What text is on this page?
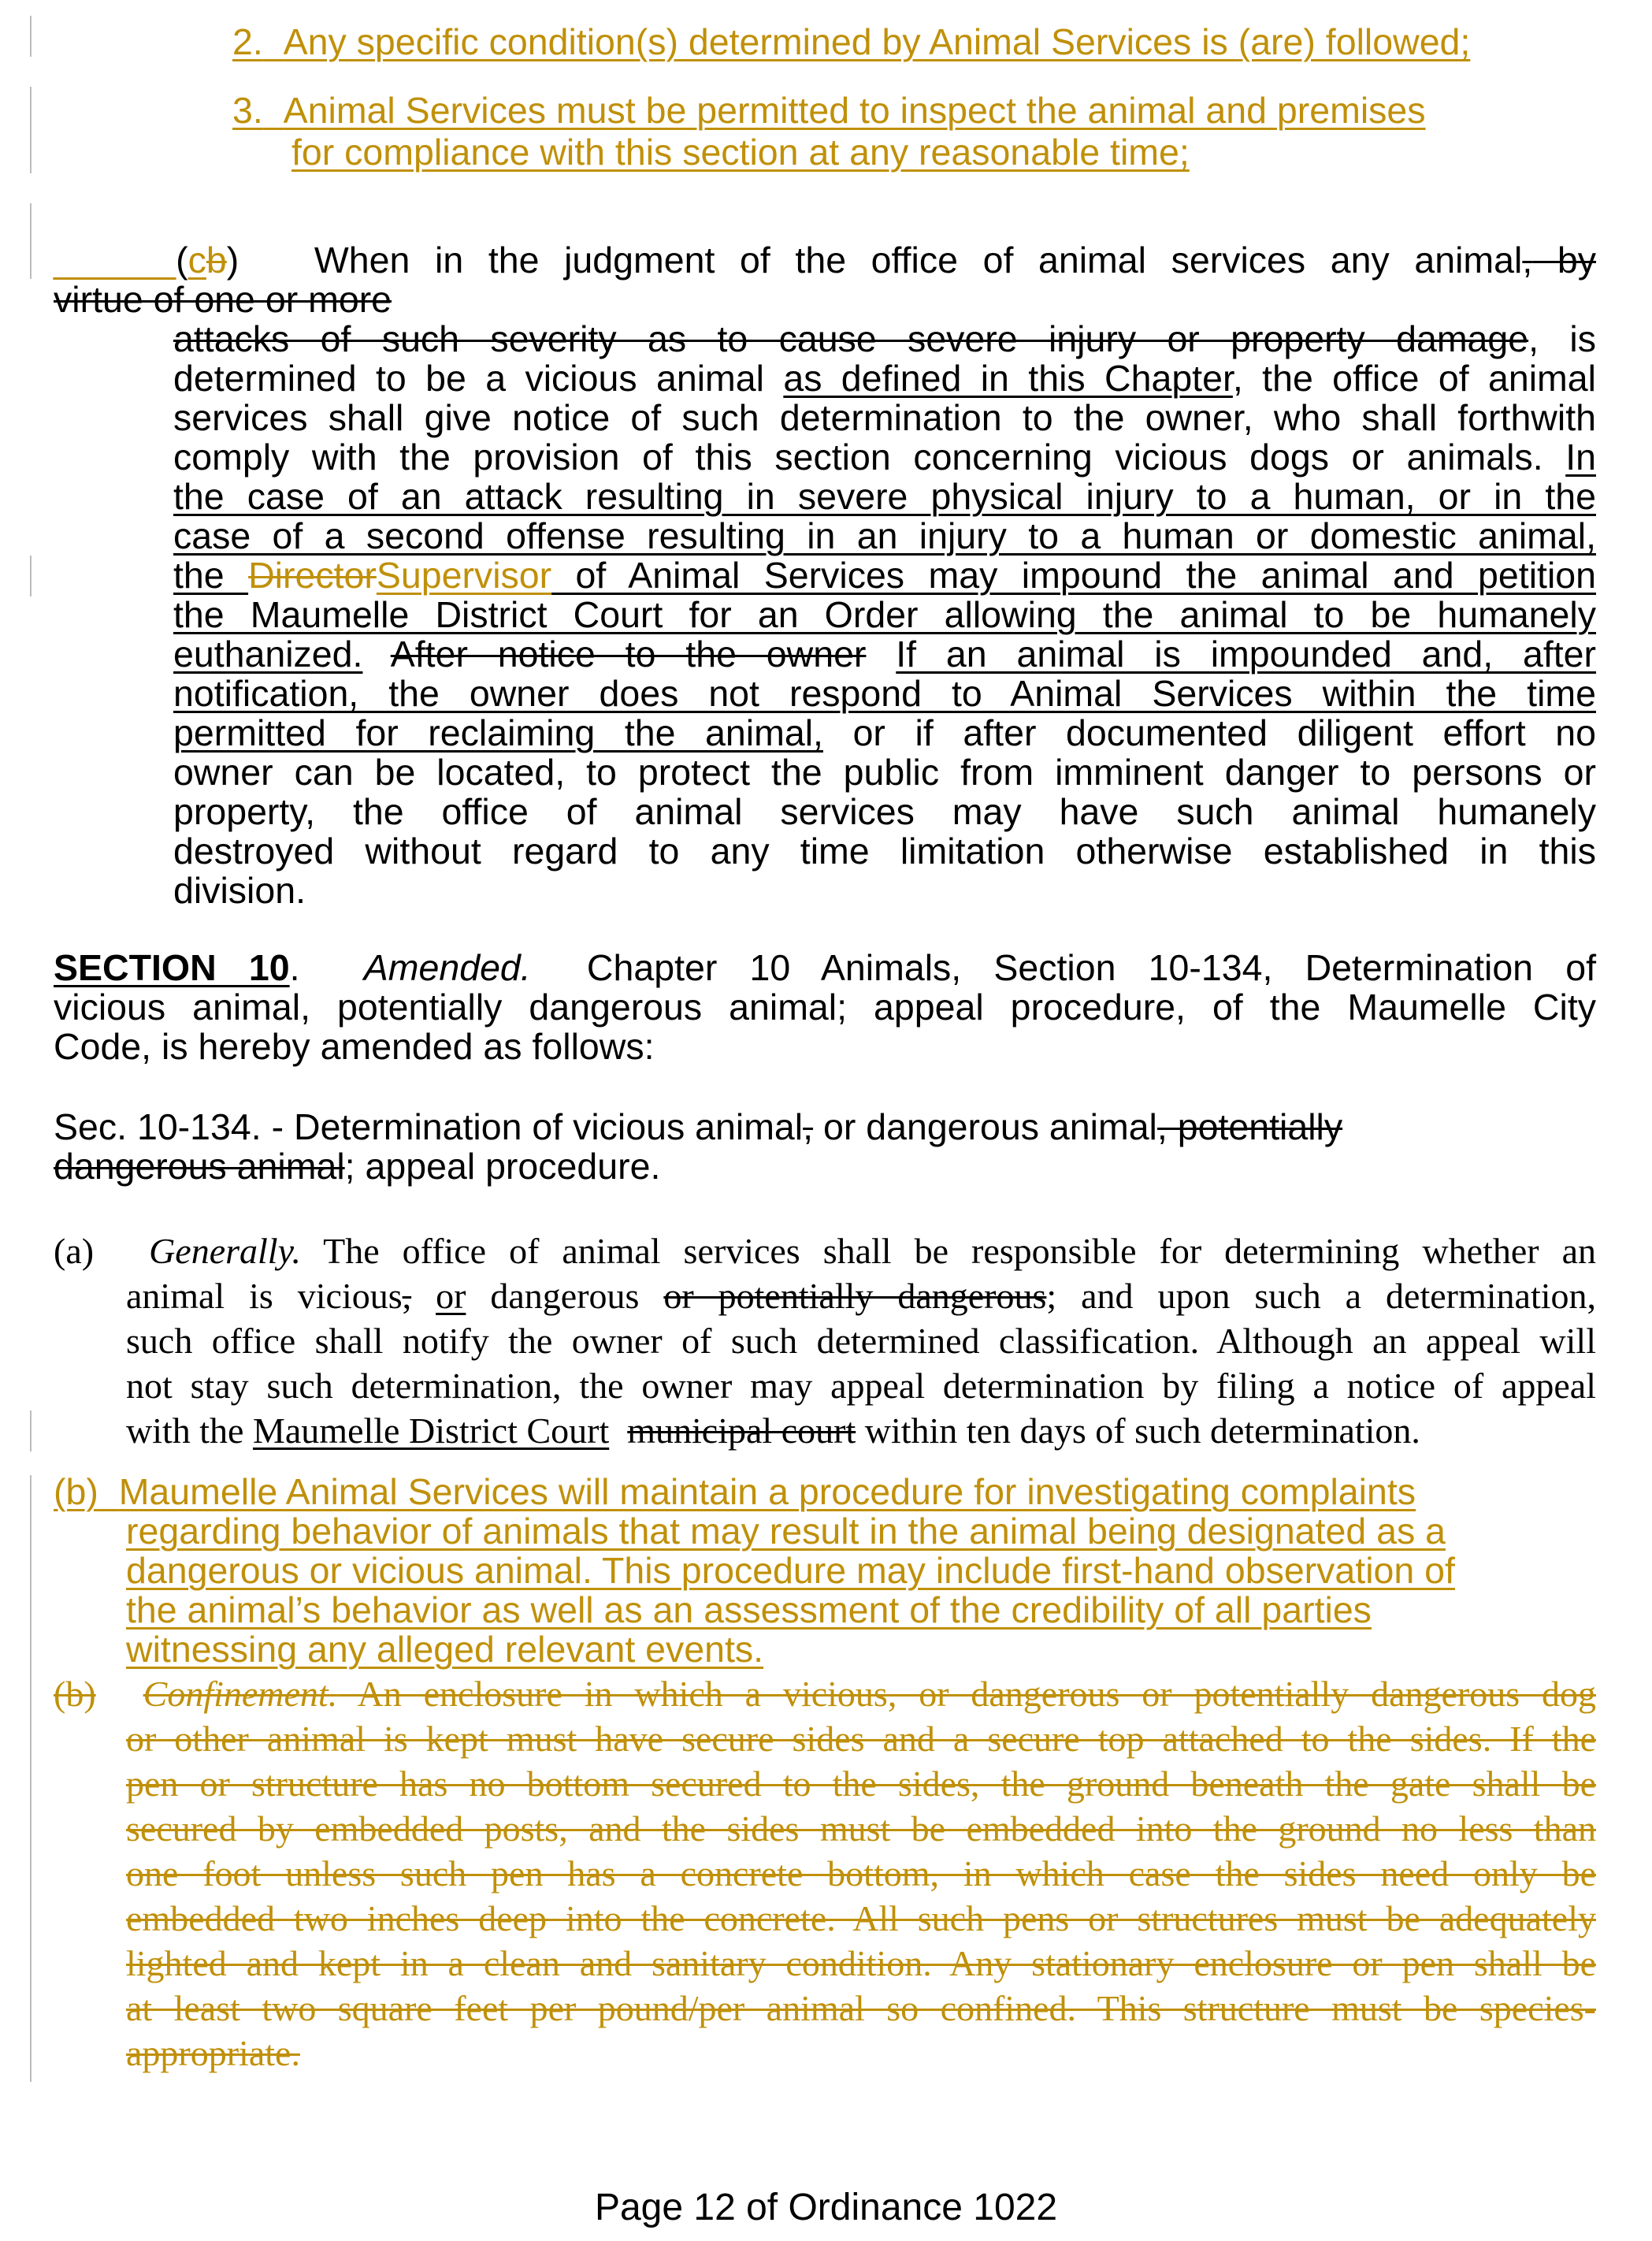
2. Any specific condition(s) determined by Animal Services is (are) followed;
3. Animal Services must be permitted to inspect the animal and premises
for compliance with this section at any reasonable time;
______(cb) When in the judgment of the office of animal services any animal, by
virtue of one or more
attacks of such severity as to cause severe injury or property damage, is
determined to be a vicious animal as defined in this Chapter, the office of animal
services shall give notice of such determination to the owner, who shall forthwith
comply with the provision of this section concerning vicious dogs or animals. In
the case of an attack resulting in severe physical injury to a human, or in the
case of a second offense resulting in an injury to a human or domestic animal,
the DirectorSupervisor of Animal Services may impound the animal and petition
the Maumelle District Court for an Order allowing the animal to be humanely
euthanized. After notice to the owner If an animal is impounded and, after
notification, the owner does not respond to Animal Services within the time
permitted for reclaiming the animal, or if after documented diligent effort no
owner can be located, to protect the public from imminent danger to persons or
property, the office of animal services may have such animal humanely
destroyed without regard to any time limitation otherwise established in this
division.
SECTION 10. Amended. Chapter 10 Animals, Section 10-134, Determination of
vicious animal, potentially dangerous animal; appeal procedure, of the Maumelle City
Code, is hereby amended as follows:
Sec. 10-134. - Determination of vicious animal, or dangerous animal, potentially
dangerous animal; appeal procedure.
(a) Generally. The office of animal services shall be responsible for determining whether an
animal is vicious, or dangerous or potentially dangerous; and upon such a determination,
such office shall notify the owner of such determined classification. Although an appeal will
not stay such determination, the owner may appeal determination by filing a notice of appeal
with the Maumelle District Court municipal court within ten days of such determination.
(b) Maumelle Animal Services will maintain a procedure for investigating complaints
regarding behavior of animals that may result in the animal being designated as a
dangerous or vicious animal. This procedure may include first-hand observation of
the animal’s behavior as well as an assessment of the credibility of all parties
witnessing any alleged relevant events.
(b) Confinement. An enclosure in which a vicious, or dangerous or potentially dangerous dog
or other animal is kept must have secure sides and a secure top attached to the sides. If the
pen or structure has no bottom secured to the sides, the ground beneath the gate shall be
secured by embedded posts, and the sides must be embedded into the ground no less than
one foot unless such pen has a concrete bottom, in which case the sides need only be
embedded two inches deep into the concrete. All such pens or structures must be adequately
lighted and kept in a clean and sanitary condition. Any stationary enclosure or pen shall be
at least two square feet per pound/per animal so confined. This structure must be species-
appropriate.
Page 12 of Ordinance 1022
